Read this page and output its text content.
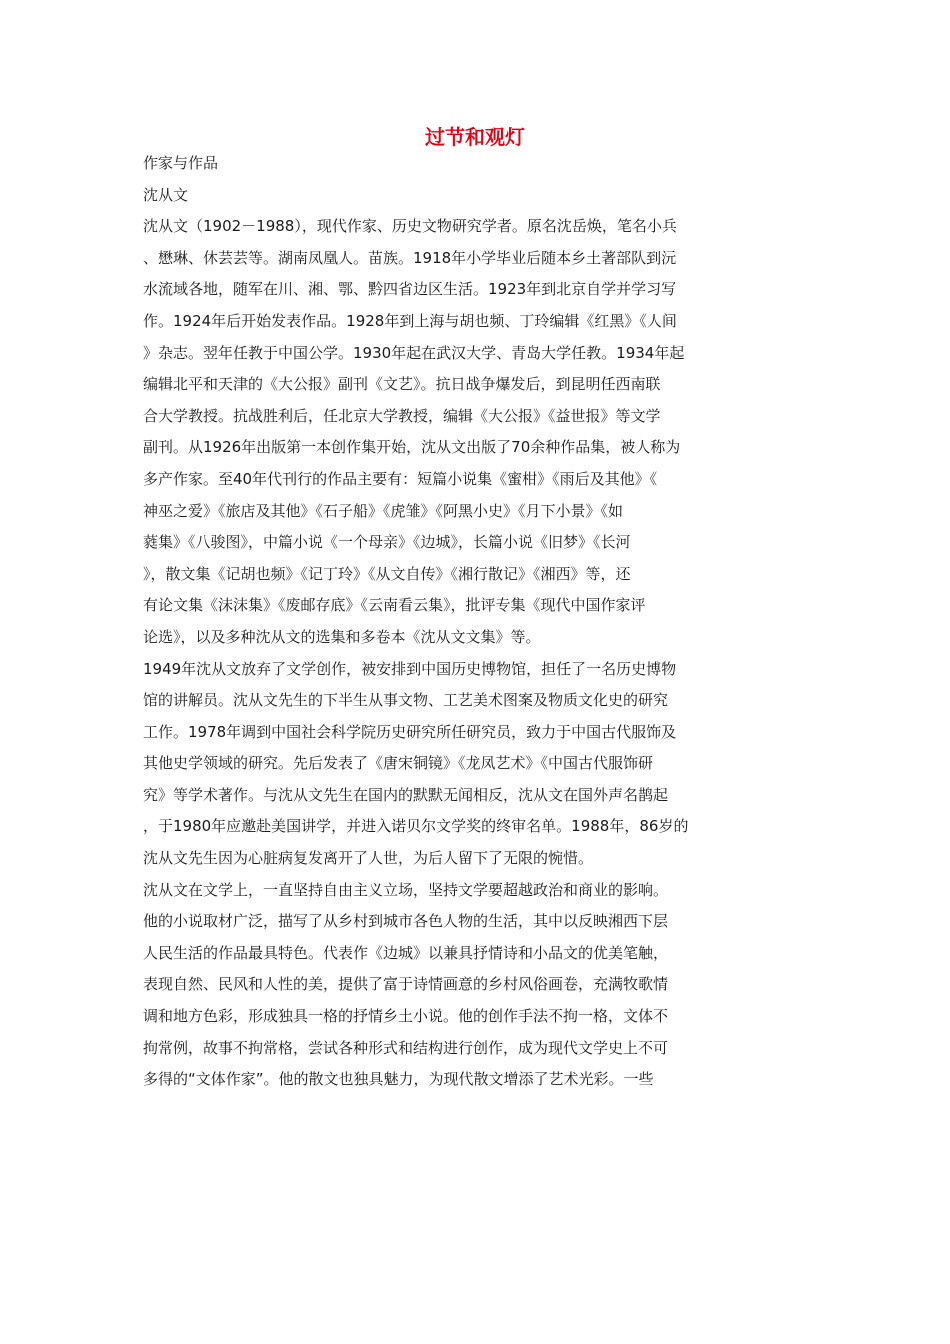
过节和观灯
作家与作品
沈从文
沈从文（1902－1988），现代作家、历史文物研究学者。原名沈岳焕，笔名小兵
、懋琳、休芸芸等。湖南凤凰人。苗族。1918年小学毕业后随本乡土著部队到沅
水流域各地，随军在川、湘、鄂、黔四省边区生活。1923年到北京自学并学习写
作。1924年后开始发表作品。1928年到上海与胡也频、丁玲编辑《红黑》《人间
》杂志。翌年任教于中国公学。1930年起在武汉大学、青岛大学任教。1934年起
编辑北平和天津的《大公报》副刊《文艺》。抗日战争爆发后，到昆明任西南联
合大学教授。抗战胜利后，任北京大学教授，编辑《大公报》《益世报》等文学
副刊。从1926年出版第一本创作集开始，沈从文出版了70余种作品集，被人称为
多产作家。至40年代刊行的作品主要有：短篇小说集《蜜柑》《雨后及其他》《
神巫之爱》《旅店及其他》《石子船》《虎雏》《阿黑小史》《月下小景》《如
蕤集》《八骏图》，中篇小说《一个母亲》《边城》，长篇小说《旧梦》《长河
》，散文集《记胡也频》《记丁玲》《从文自传》《湘行散记》《湘西》等，还
有论文集《沫沫集》《废邮存底》《云南看云集》，批评专集《现代中国作家评
论选》，以及多种沈从文的选集和多卷本《沈从文文集》等。
1949年沈从文放弃了文学创作，被安排到中国历史博物馆，担任了一名历史博物
馆的讲解员。沈从文先生的下半生从事文物、工艺美术图案及物质文化史的研究
工作。1978年调到中国社会科学院历史研究所任研究员，致力于中国古代服饰及
其他史学领域的研究。先后发表了《唐宋铜镜》《龙凤艺术》《中国古代服饰研
究》等学术著作。与沈从文先生在国内的默默无闻相反，沈从文在国外声名鹊起
，于1980年应邀赴美国讲学，并进入诺贝尔文学奖的终审名单。1988年，86岁的
沈从文先生因为心脏病复发离开了人世，为后人留下了无限的惋惜。
沈从文在文学上，一直坚持自由主义立场，坚持文学要超越政治和商业的影响。
他的小说取材广泛，描写了从乡村到城市各色人物的生活，其中以反映湘西下层
人民生活的作品最具特色。代表作《边城》以兼具抒情诗和小品文的优美笔触，
表现自然、民风和人性的美，提供了富于诗情画意的乡村风俗画卷，充满牧歌情
调和地方色彩，形成独具一格的抒情乡土小说。他的创作手法不拘一格，文体不
拘常例，故事不拘常格，尝试各种形式和结构进行创作，成为现代文学史上不可
多得的“文体作家”。他的散文也独具魅力，为现代散文增添了艺术光彩。一些
